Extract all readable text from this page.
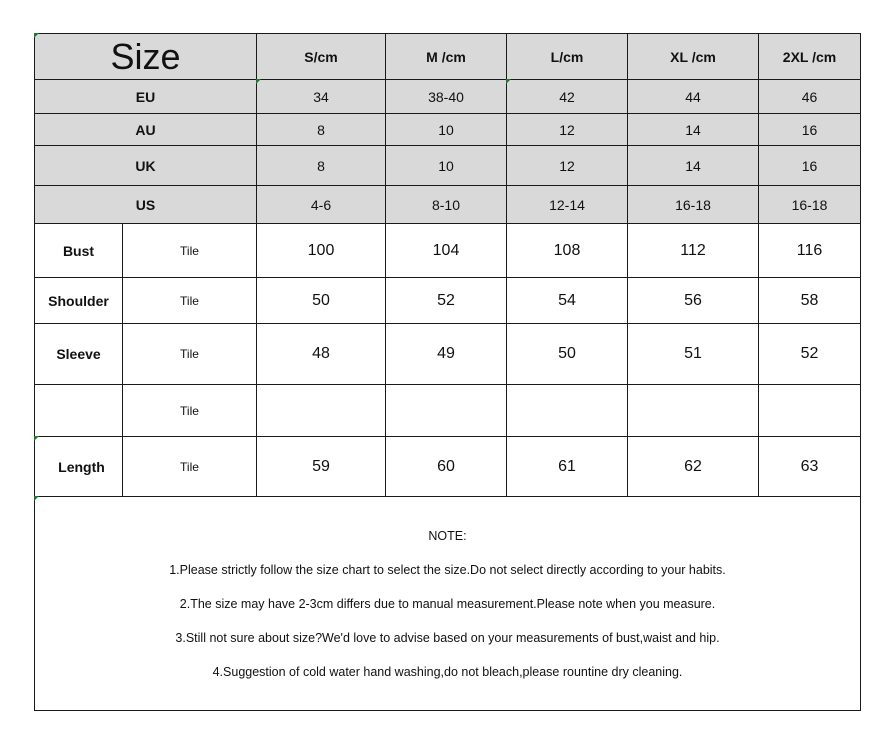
Size		S/cm	M /cm	L/cm	XL /cm	2XL /cm
EU		34	38-40	42	44	46
AU		8	10	12	14	16
UK		8	10	12	14	16
US		4-6	8-10	12-14	16-18	16-18
Bust	Tile	100	104	108	112	116
Shoulder	Tile	50	52	54	56	58
Sleeve	Tile	48	49	50	51	52
	Tile					
Length	Tile	59	60	61	62	63

NOTE:

1.Please strictly follow the size chart to select the size.Do not select directly according to your habits.

2.The size may have 2-3cm differs due to manual measurement.Please note when you measure.

3.Still not sure about size?We'd love to advise based on your measurements of bust,waist and hip.

4.Suggestion of cold water hand washing,do not bleach,please rountine dry cleaning.						
